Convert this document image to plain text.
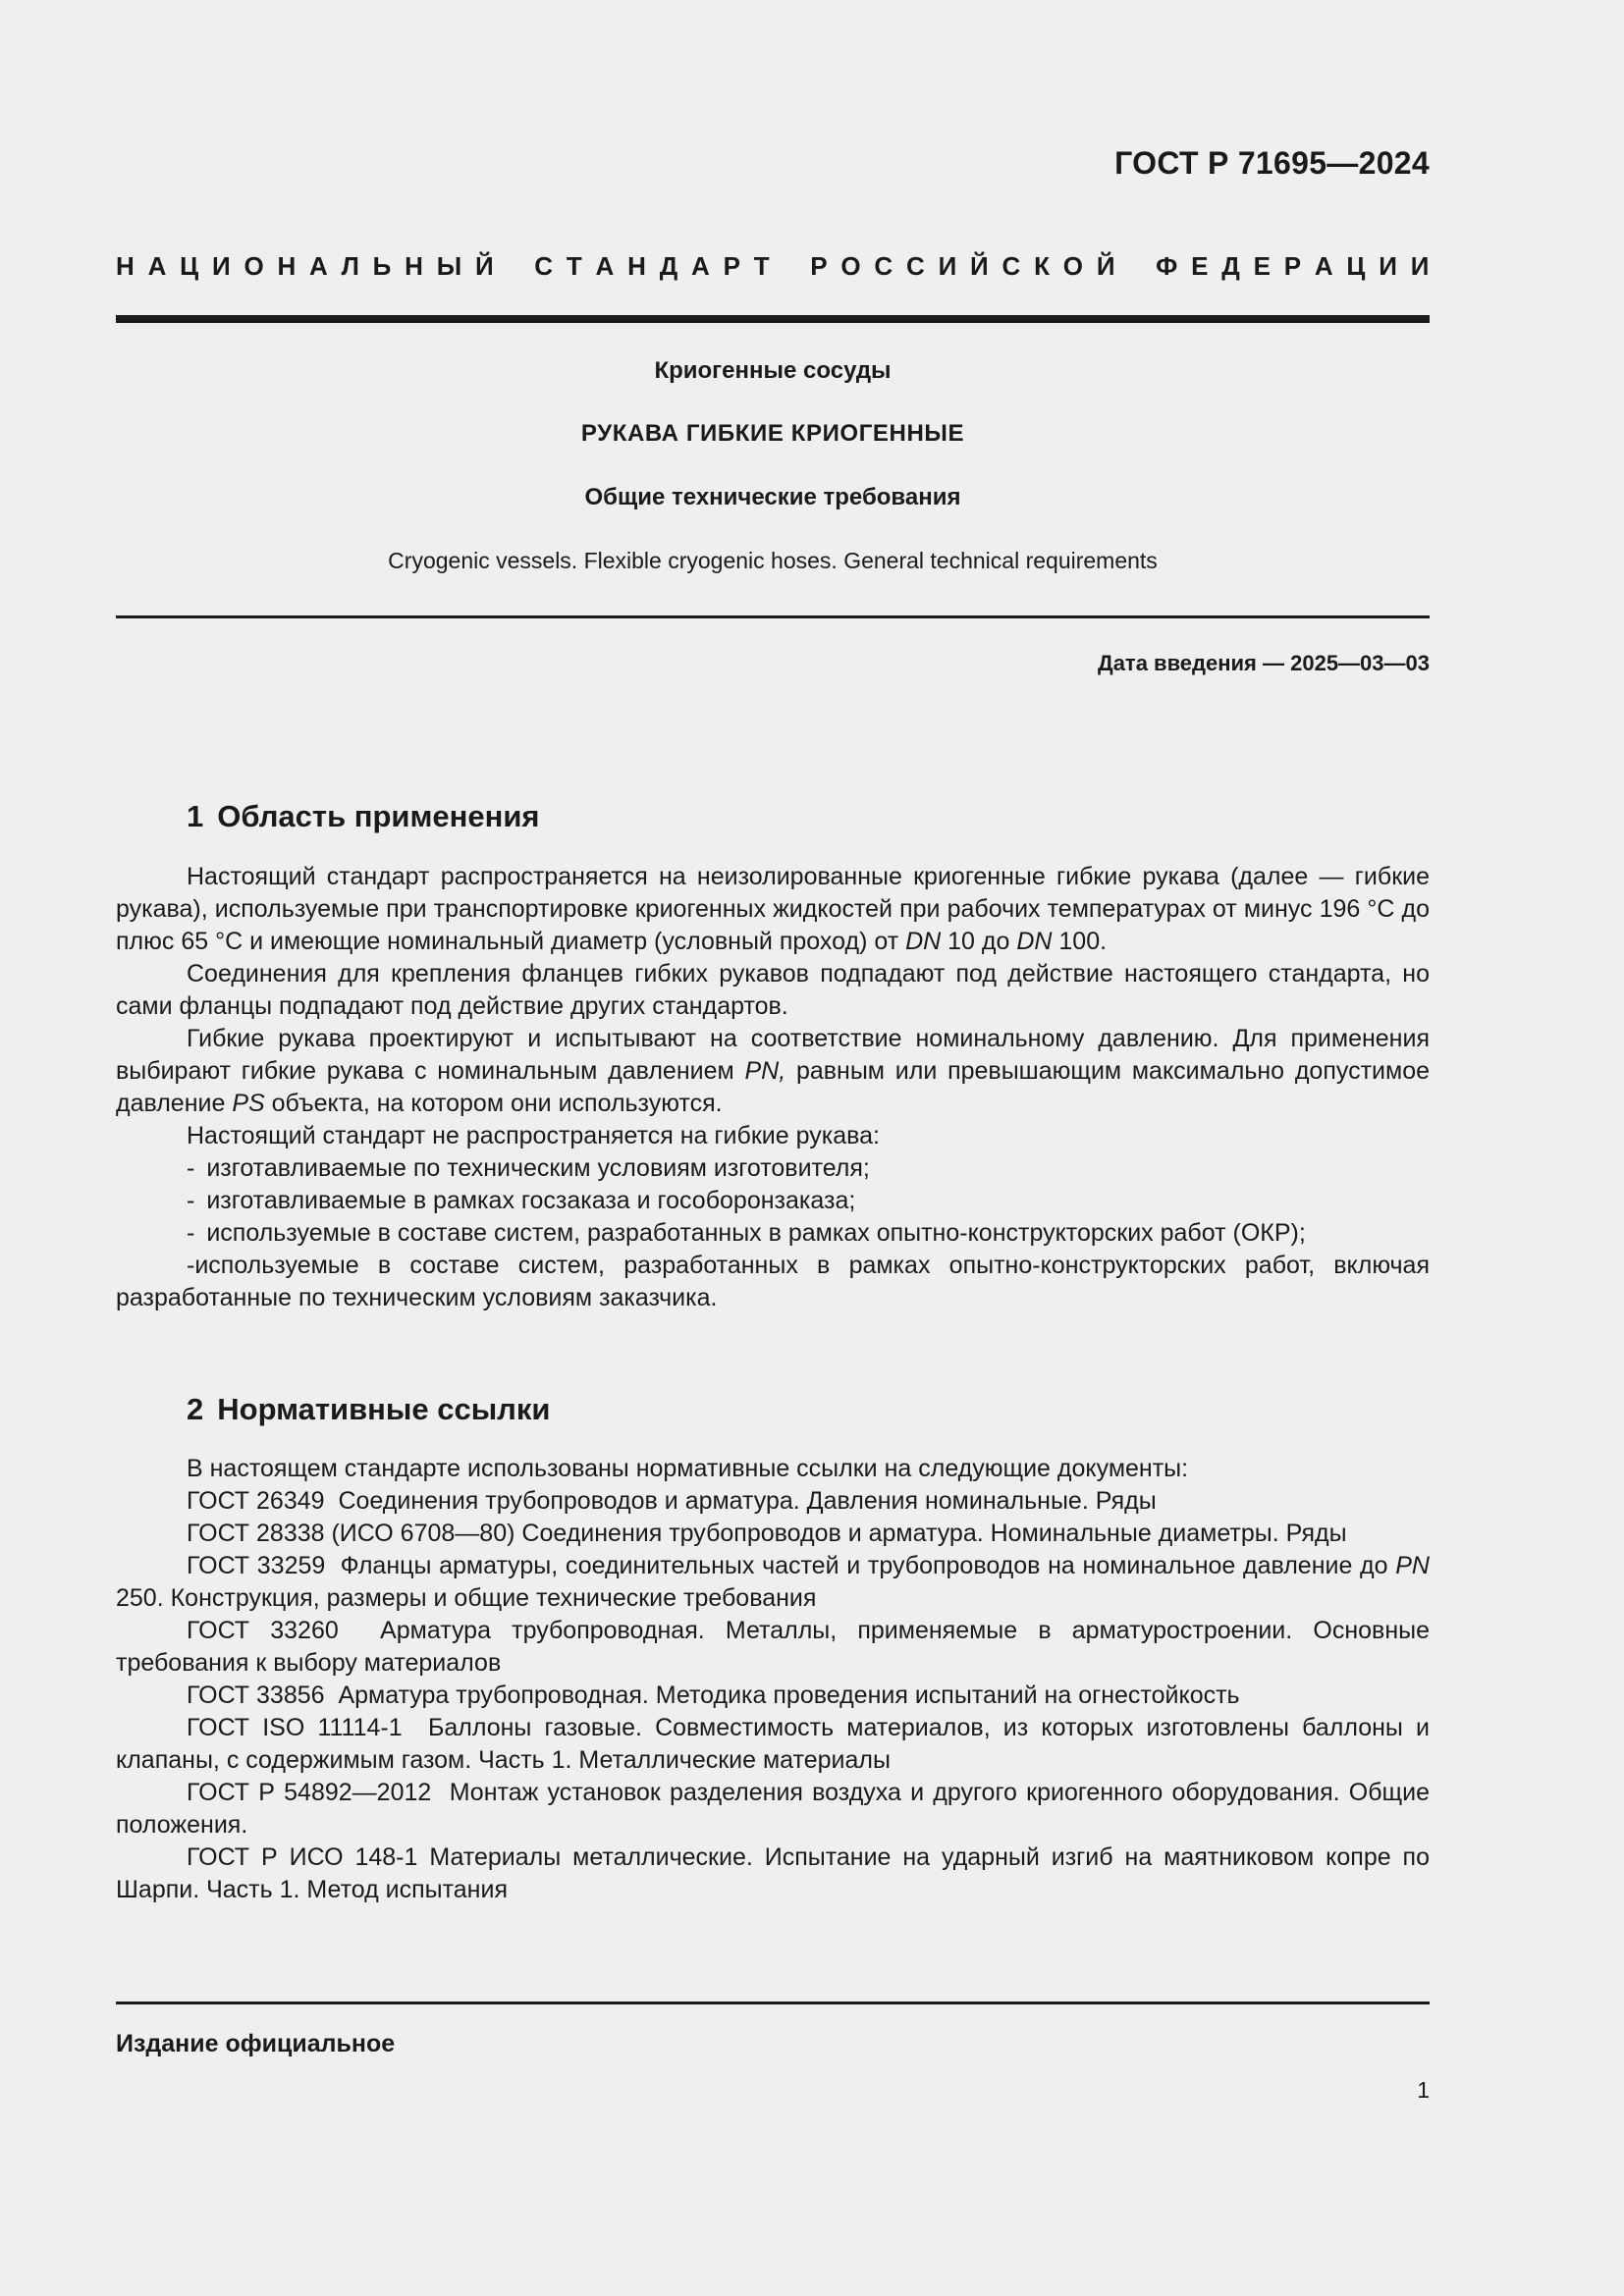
ГОСТ Р 71695—2024
Н А Ц И О Н А Л Ь Н Ы Й
С Т А Н Д А Р Т
Р О С С И Й С К О Й
Ф Е Д Е Р А Ц И И
Криогенные сосуды
РУКАВА ГИБКИЕ КРИОГЕННЫЕ
Общие технические требования
Cryogenic vessels. Flexible cryogenic hoses. General technical requirements
Дата введения — 2025—03—03
1 Область применения

Настоящий стандарт распространяется на неизолированные криогенные гибкие рукава (далее — гибкие рукава), используемые при транспортировке криогенных жидкостей при рабочих температурах от минус 196 °C до плюс 65 °C и имеющие номинальный диаметр (условный проход) от DN 10 до DN 100.

Соединения для крепления фланцев гибких рукавов подпадают под действие настоящего стандарта, но сами фланцы подпадают под действие других стандартов.

Гибкие рукава проектируют и испытывают на соответствие номинальному давлению. Для применения выбирают гибкие рукава с номинальным давлением PN, равным или превышающим максимально допустимое давление PS объекта, на котором они используются.

Настоящий стандарт не распространяется на гибкие рукава:

- изготавливаемые по техническим условиям изготовителя;

- изготавливаемые в рамках госзаказа и гособоронзаказа;

- используемые в составе систем, разработанных в рамках опытно-конструкторских работ (ОКР);

-используемые в составе систем, разработанных в рамках опытно-конструкторских работ, включая разработанные по техническим условиям заказчика.

2 Нормативные ссылки

В настоящем стандарте использованы нормативные ссылки на следующие документы:

ГОСТ 26349 Соединения трубопроводов и арматура. Давления номинальные. Ряды

ГОСТ 28338 (ИСО 6708—80) Соединения трубопроводов и арматура. Номинальные диаметры. Ряды

ГОСТ 33259 Фланцы арматуры, соединительных частей и трубопроводов на номинальное давление до PN 250. Конструкция, размеры и общие технические требования

ГОСТ 33260 Арматура трубопроводная. Металлы, применяемые в арматуростроении. Основные требования к выбору материалов

ГОСТ 33856 Арматура трубопроводная. Методика проведения испытаний на огнестойкость

ГОСТ ISO 11114-1 Баллоны газовые. Совместимость материалов, из которых изготовлены баллоны и клапаны, с содержимым газом. Часть 1. Металлические материалы

ГОСТ Р 54892—2012 Монтаж установок разделения воздуха и другого криогенного оборудования. Общие положения.

ГОСТ Р ИСО 148-1 Материалы металлические. Испытание на ударный изгиб на маятниковом копре по Шарпи. Часть 1. Метод испытания

Издание официальное
1
